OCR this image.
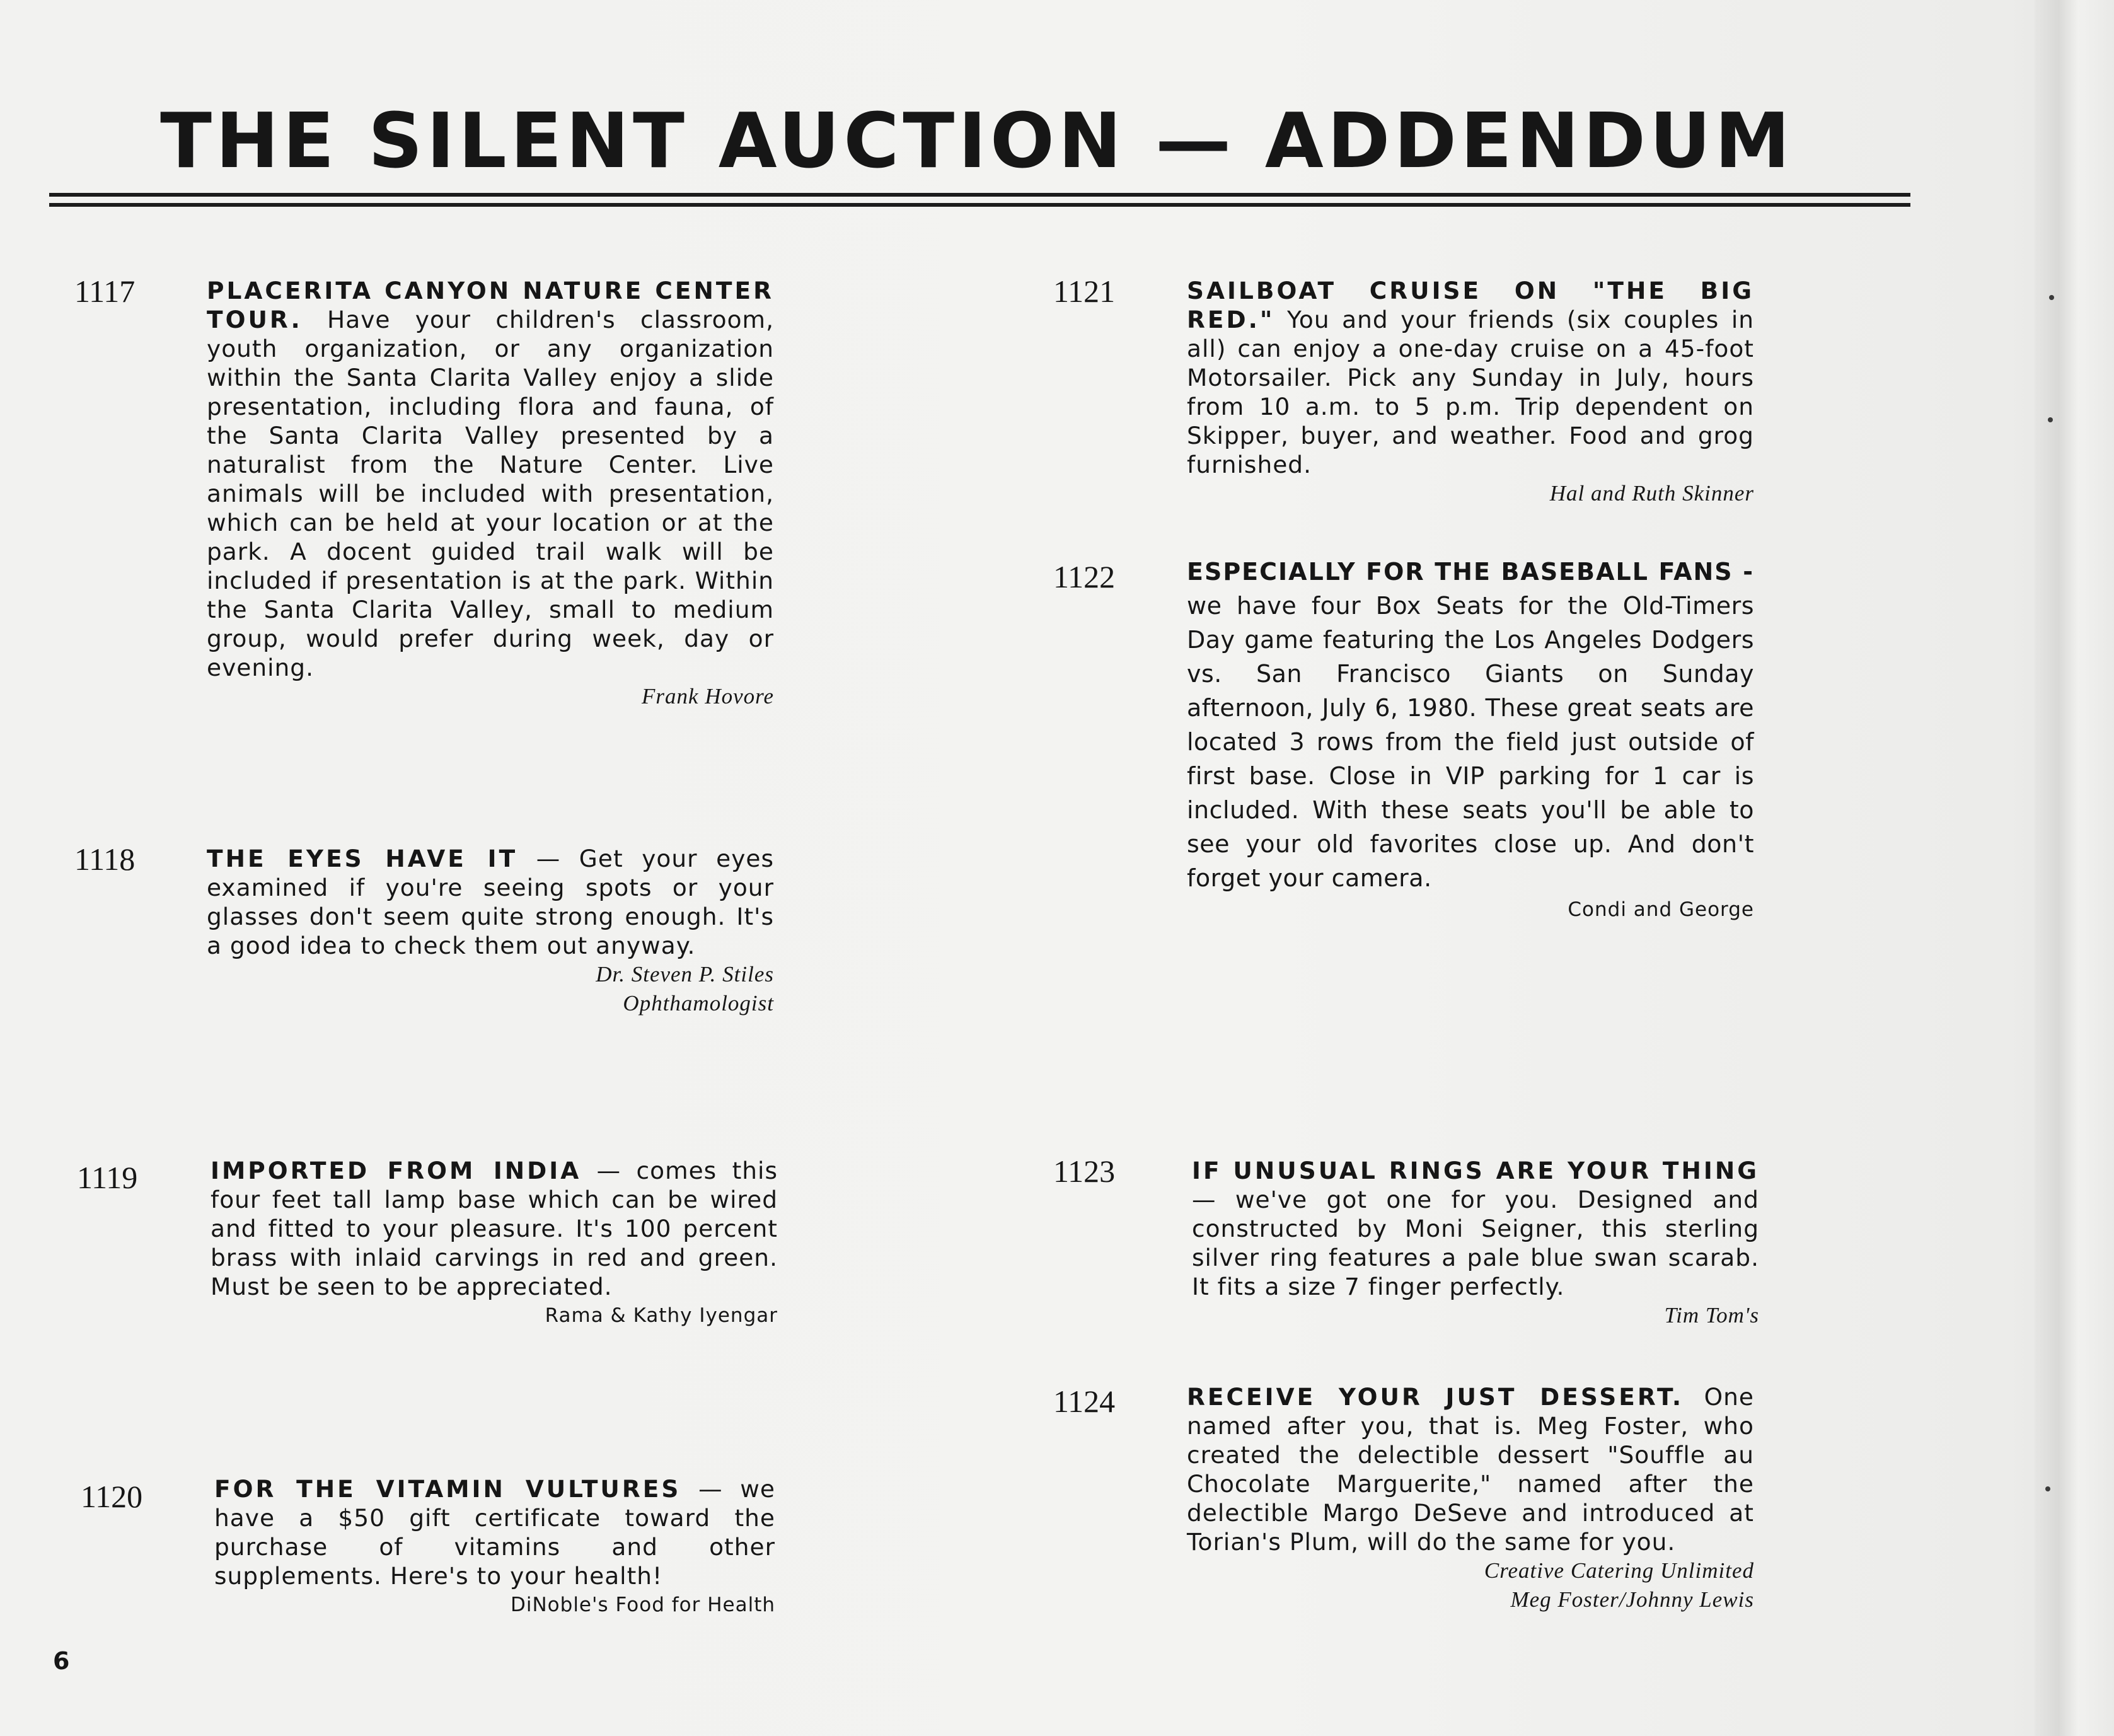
THE SILENT AUCTION — ADDENDUM
1117	PLACERITA CANYON NATURE CENTER TOUR. Have your children's classroom, youth organization, or any organization within the Santa Clarita Valley enjoy a slide presentation, including flora and fauna, of the Santa Clarita Valley presented by a naturalist from the Nature Center. Live animals will be included with presentation, which can be held at your location or at the park. A docent guided trail walk will be included if presentation is at the park. Within the Santa Clarita Valley, small to medium group, would prefer during week, day or evening.
Frank Hovore
1118	THE EYES HAVE IT — Get your eyes examined if you're seeing spots or your glasses don't seem quite strong enough. It's a good idea to check them out anyway.
Dr. Steven P. Stiles
Ophthamologist
1119	IMPORTED FROM INDIA — comes this four feet tall lamp base which can be wired and fitted to your pleasure. It's 100 percent brass with inlaid carvings in red and green. Must be seen to be appreciated.
Rama & Kathy Iyengar
1120	FOR THE VITAMIN VULTURES — we have a $50 gift certificate toward the purchase of vitamins and other supplements. Here's to your health!
DiNoble's Food for Health
1121	SAILBOAT CRUISE ON "THE BIG RED." You and your friends (six couples in all) can enjoy a one-day cruise on a 45-foot Motorsailer. Pick any Sunday in July, hours from 10 a.m. to 5 p.m. Trip dependent on Skipper, buyer, and weather. Food and grog furnished.
Hal and Ruth Skinner
1122	ESPECIALLY FOR THE BASEBALL FANS - we have four Box Seats for the Old-Timers Day game featuring the Los Angeles Dodgers vs. San Francisco Giants on Sunday afternoon, July 6, 1980. These great seats are located 3 rows from the field just outside of first base. Close in VIP parking for 1 car is included. With these seats you'll be able to see your old favorites close up. And don't forget your camera.
Condi and George
1123	IF UNUSUAL RINGS ARE YOUR THING — we've got one for you. Designed and constructed by Moni Seigner, this sterling silver ring features a pale blue swan scarab. It fits a size 7 finger perfectly.
Tim Tom's
1124	RECEIVE YOUR JUST DESSERT. One named after you, that is. Meg Foster, who created the delectible dessert "Souffle au Chocolate Marguerite," named after the delectible Margo DeSeve and introduced at Torian's Plum, will do the same for you.
Creative Catering Unlimited
Meg Foster/Johnny Lewis
6
